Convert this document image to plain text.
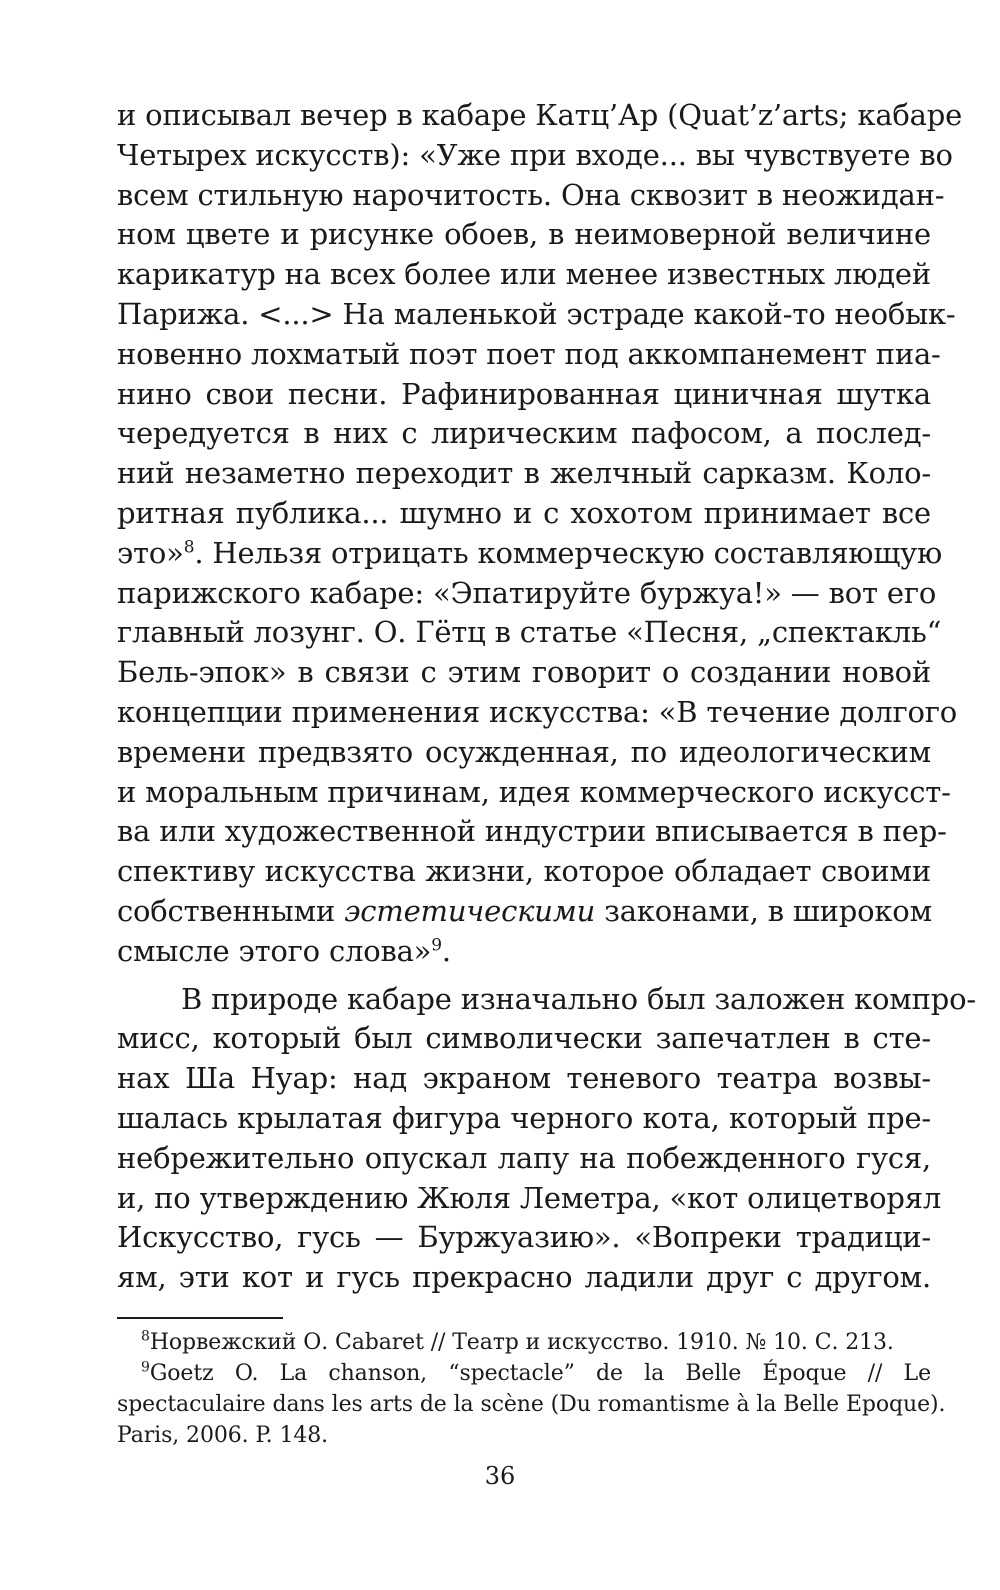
и описывал вечер в кабаре Катц’Ар (Quat’z’arts; кабаре
Четырех искусств): «Уже при входе... вы чувствуете во
всем стильную нарочитость. Она сквозит в неожидан-
ном цвете и рисунке обоев, в неимоверной величине
карикатур на всех более или менее известных людей
Парижа. <...> На маленькой эстраде какой-то необык-
новенно лохматый поэт поет под аккомпанемент пиа-
нино свои песни. Рафинированная циничная шутка
чередуется в них с лирическим пафосом, а послед-
ний незаметно переходит в желчный сарказм. Коло-
ритная публика... шумно и с хохотом принимает все
это»$^8$. Нельзя отрицать коммерческую составляющую
парижского кабаре: «Эпатируйте буржуа!» — вот его
главный лозунг. О. Гётц в статье «Песня, „спектакль“
Бель-эпок» в связи с этим говорит о создании новой
концепции применения искусства: «В течение долгого
времени предвзято осужденная, по идеологическим
и моральным причинам, идея коммерческого искусст-
ва или художественной индустрии вписывается в пер-
спективу искусства жизни, которое обладает своими
собственными эстетическими законами, в широком
смысле этого слова»$^9$.
В природе кабаре изначально был заложен компро-
мисс, который был символически запечатлен в сте-
нах Ша Нуар: над экраном теневого театра возвы-
шалась крылатая фигура черного кота, который пре-
небрежительно опускал лапу на побежденного гуся,
и, по утверждению Жюля Леметра, «кот олицетворял
Искусство, гусь — Буржуазию». «Вопреки традици-
ям, эти кот и гусь прекрасно ладили друг с другом.
$^8$Норвежский О. Cabaret // Театр и искусство. 1910. № 10. С. 213.
$^9$Goetz O. La chanson, “spectacle” de la Belle Époque // Le
spectaculaire dans les arts de la scène (Du romantisme à la Belle Epoque).
Paris, 2006. P. 148.
36
